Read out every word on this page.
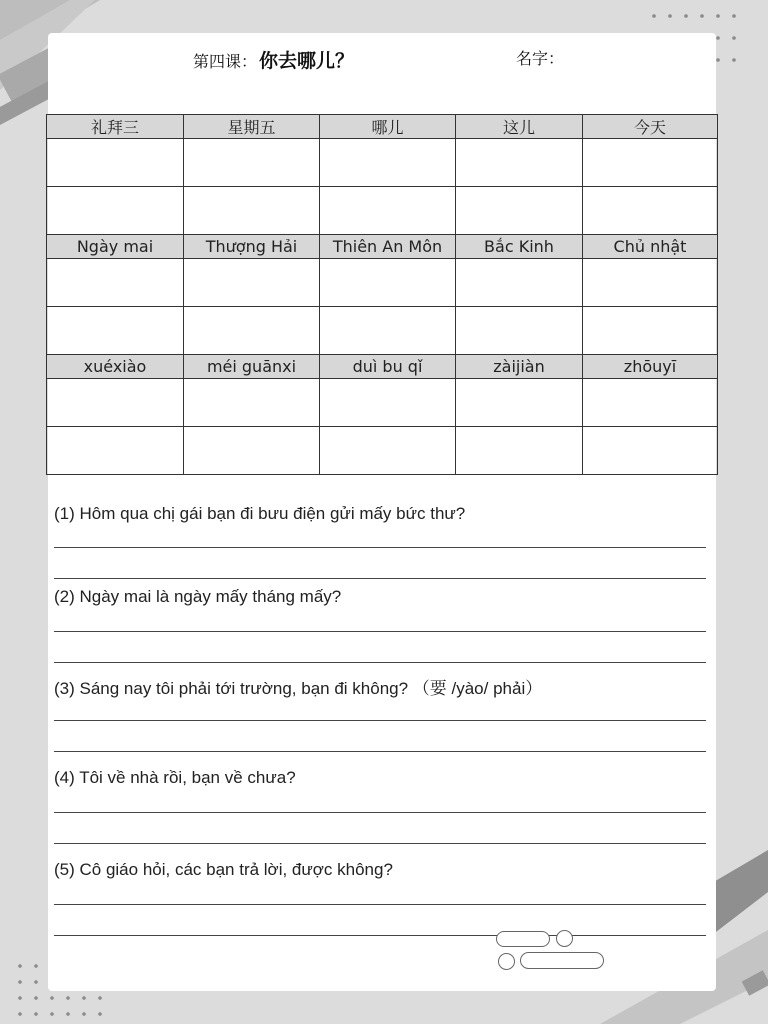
第四课： 你去哪儿？	名字：
礼拜三	星期五	哪儿	这儿	今天

Ngày mai	Thượng Hải	Thiên An Môn	Bắc Kinh	Chủ nhật

xuéxiào	méi guānxi	duì bu qǐ	zàijiàn	zhōuyī

(1) Hôm qua chị gái bạn đi bưu điện gửi mấy bức thư?
(2) Ngày mai là ngày mấy tháng mấy?
(3) Sáng nay tôi phải tới trường, bạn đi không? （要 /yào/ phải）
(4) Tôi về nhà rồi, bạn về chưa?
(5) Cô giáo hỏi, các bạn trả lời, được không?
